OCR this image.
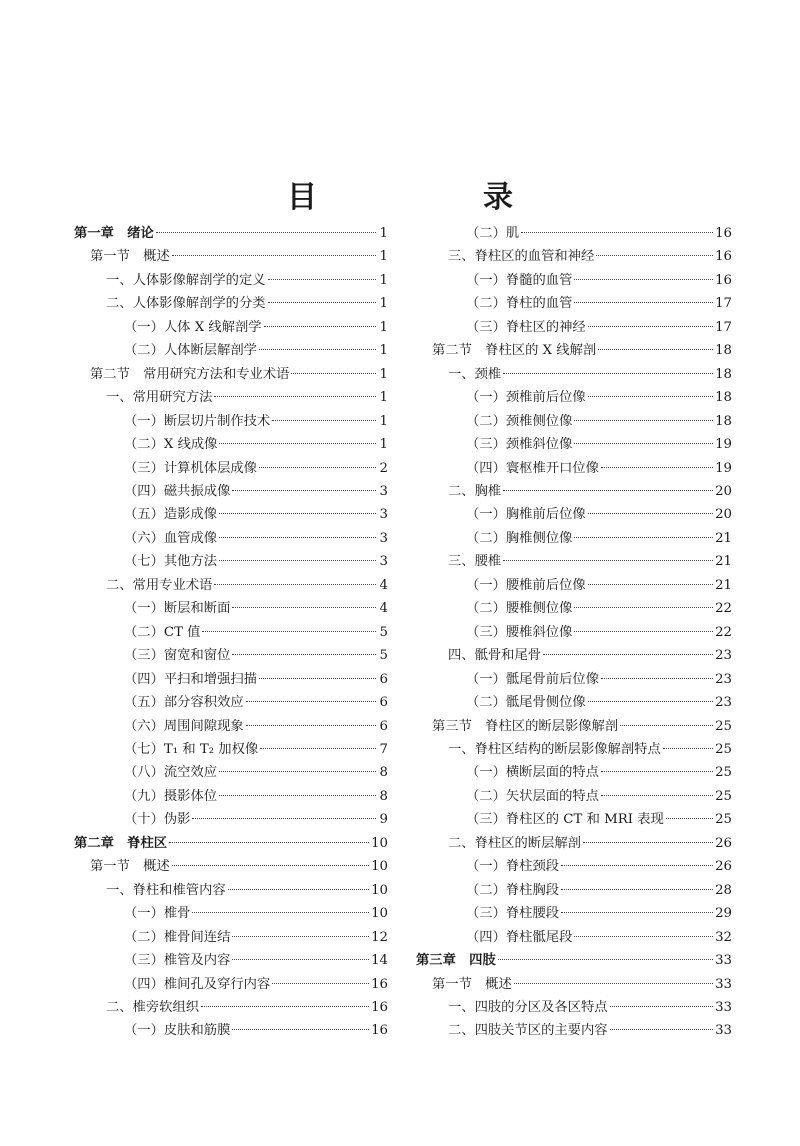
目　录
第一章　绪论	1
第一节　概述	1
一、人体影像解剖学的定义	1
二、人体影像解剖学的分类	1
（一）人体 X 线解剖学	1
（二）人体断层解剖学	1
第二节　常用研究方法和专业术语	1
一、常用研究方法	1
（一）断层切片制作技术	1
（二）X 线成像	1
（三）计算机体层成像	2
（四）磁共振成像	3
（五）造影成像	3
（六）血管成像	3
（七）其他方法	3
二、常用专业术语	4
（一）断层和断面	4
（二）CT 值	5
（三）窗宽和窗位	5
（四）平扫和增强扫描	6
（五）部分容积效应	6
（六）周围间隙现象	6
（七）T₁ 和 T₂ 加权像	7
（八）流空效应	8
（九）摄影体位	8
（十）伪影	9
第二章　脊柱区	10
第一节　概述	10
一、脊柱和椎管内容	10
（一）椎骨	10
（二）椎骨间连结	12
（三）椎管及内容	14
（四）椎间孔及穿行内容	16
二、椎旁软组织	16
（一）皮肤和筋膜	16
（二）肌	16
三、脊柱区的血管和神经	16
（一）脊髓的血管	16
（二）脊柱的血管	17
（三）脊柱区的神经	17
第二节　脊柱区的 X 线解剖	18
一、颈椎	18
（一）颈椎前后位像	18
（二）颈椎侧位像	18
（三）颈椎斜位像	19
（四）寰枢椎开口位像	19
二、胸椎	20
（一）胸椎前后位像	20
（二）胸椎侧位像	21
三、腰椎	21
（一）腰椎前后位像	21
（二）腰椎侧位像	22
（三）腰椎斜位像	22
四、骶骨和尾骨	23
（一）骶尾骨前后位像	23
（二）骶尾骨侧位像	23
第三节　脊柱区的断层影像解剖	25
一、脊柱区结构的断层影像解剖特点	25
（一）横断层面的特点	25
（二）矢状层面的特点	25
（三）脊柱区的 CT 和 MRI 表现	25
二、脊柱区的断层解剖	26
（一）脊柱颈段	26
（二）脊柱胸段	28
（三）脊柱腰段	29
（四）脊柱骶尾段	32
第三章　四肢	33
第一节　概述	33
一、四肢的分区及各区特点	33
二、四肢关节区的主要内容	33
